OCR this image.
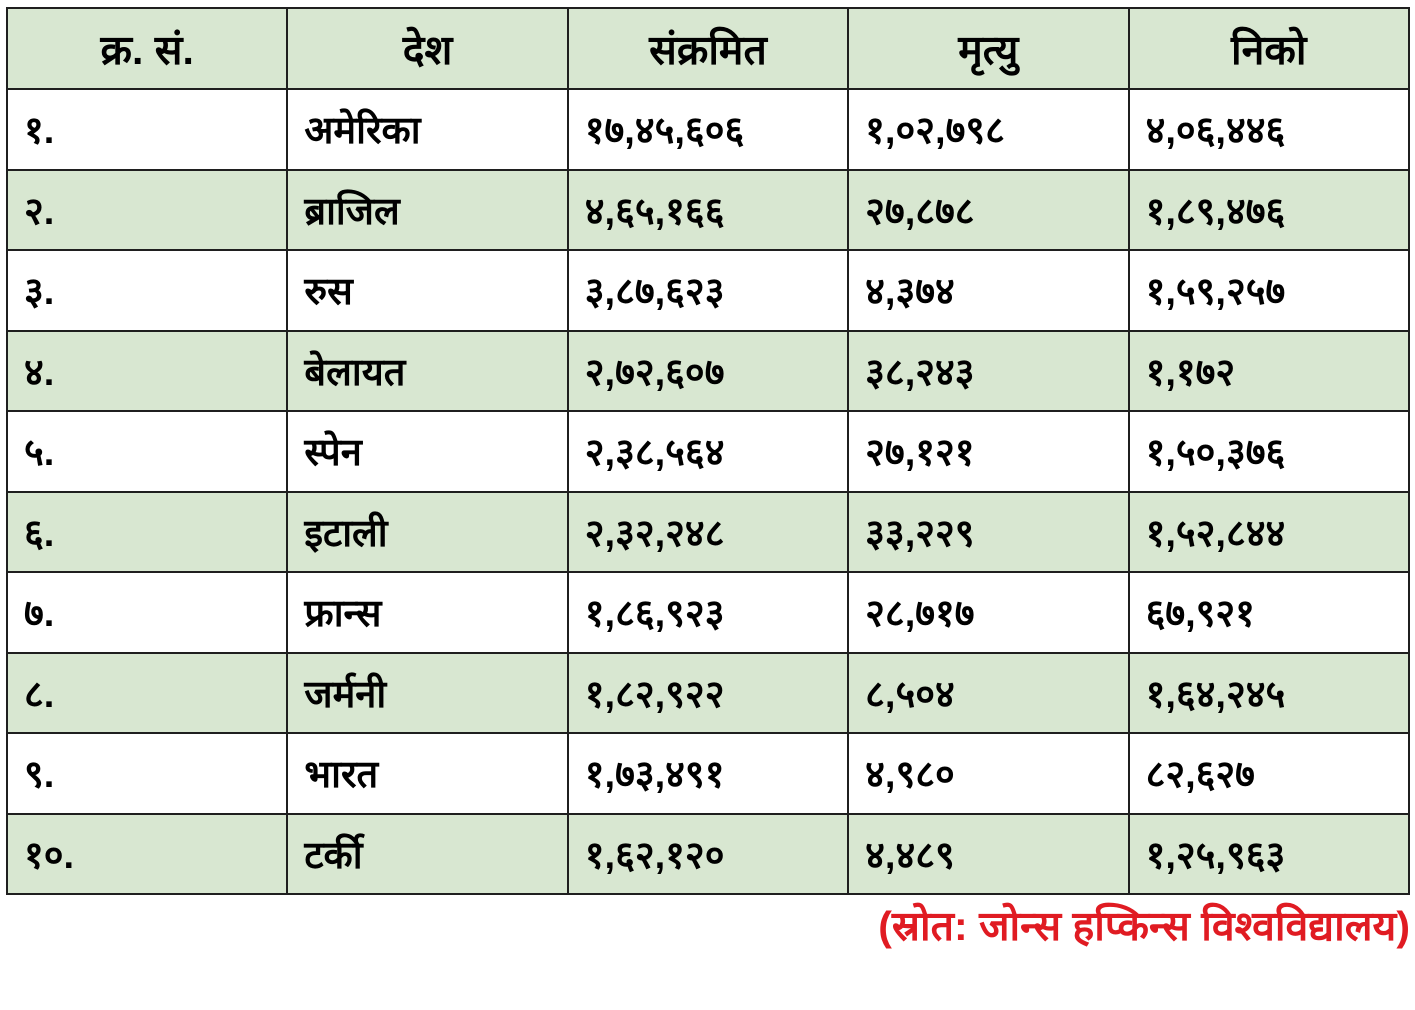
क्र. सं.	देश	संक्रमित	मृत्यु	निको
१.	अमेरिका	१७,४५,६०६	१,०२,७९८	४,०६,४४६
२.	ब्राजिल	४,६५,१६६	२७,८७८	१,८९,४७६
३.	रुस	३,८७,६२३	४,३७४	१,५९,२५७
४.	बेलायत	२,७२,६०७	३८,२४३	१,१७२
५.	स्पेन	२,३८,५६४	२७,१२१	१,५०,३७६
६.	इटाली	२,३२,२४८	३३,२२९	१,५२,८४४
७.	फ्रान्स	१,८६,९२३	२८,७१७	६७,९२१
८.	जर्मनी	१,८२,९२२	८,५०४	१,६४,२४५
९.	भारत	१,७३,४९१	४,९८०	८२,६२७
१०.	टर्की	१,६२,१२०	४,४८९	१,२५,९६३
(स्रोत: जोन्स हप्किन्स विश्वविद्यालय)
